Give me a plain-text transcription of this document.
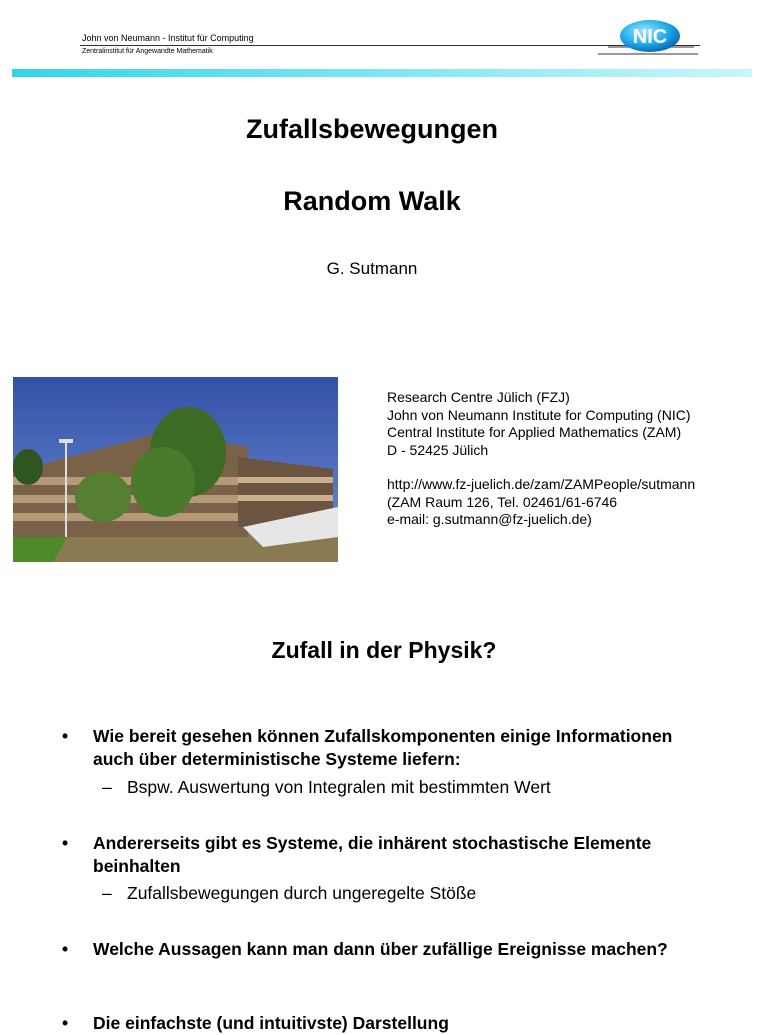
John von Neumann - Institut für Computing
Zentralinstitut für Angewandte Mathematik
NIC
Zufallsbewegungen
Random Walk
G. Sutmann
Research Centre Jülich (FZJ)
John von Neumann Institute for Computing (NIC)
Central Institute for Applied Mathematics (ZAM)
D - 52425 Jülich
http://www.fz-juelich.de/zam/ZAMPeople/sutmann
(ZAM Raum 126, Tel. 02461/61-6746
e-mail: g.sutmann@fz-juelich.de)
Zufall in der Physik?
• Wie bereit gesehen können Zufallskomponenten einige Informationen auch über deterministische Systeme liefern:
– Bspw. Auswertung von Integralen mit bestimmten Wert
• Andererseits gibt es Systeme, die inhärent stochastische Elemente beinhalten
– Zufallsbewegungen durch ungeregelte Stöße
• Welche Aussagen kann man dann über zufällige Ereignisse machen?
• Die einfachste (und intuitivste) Darstellung
